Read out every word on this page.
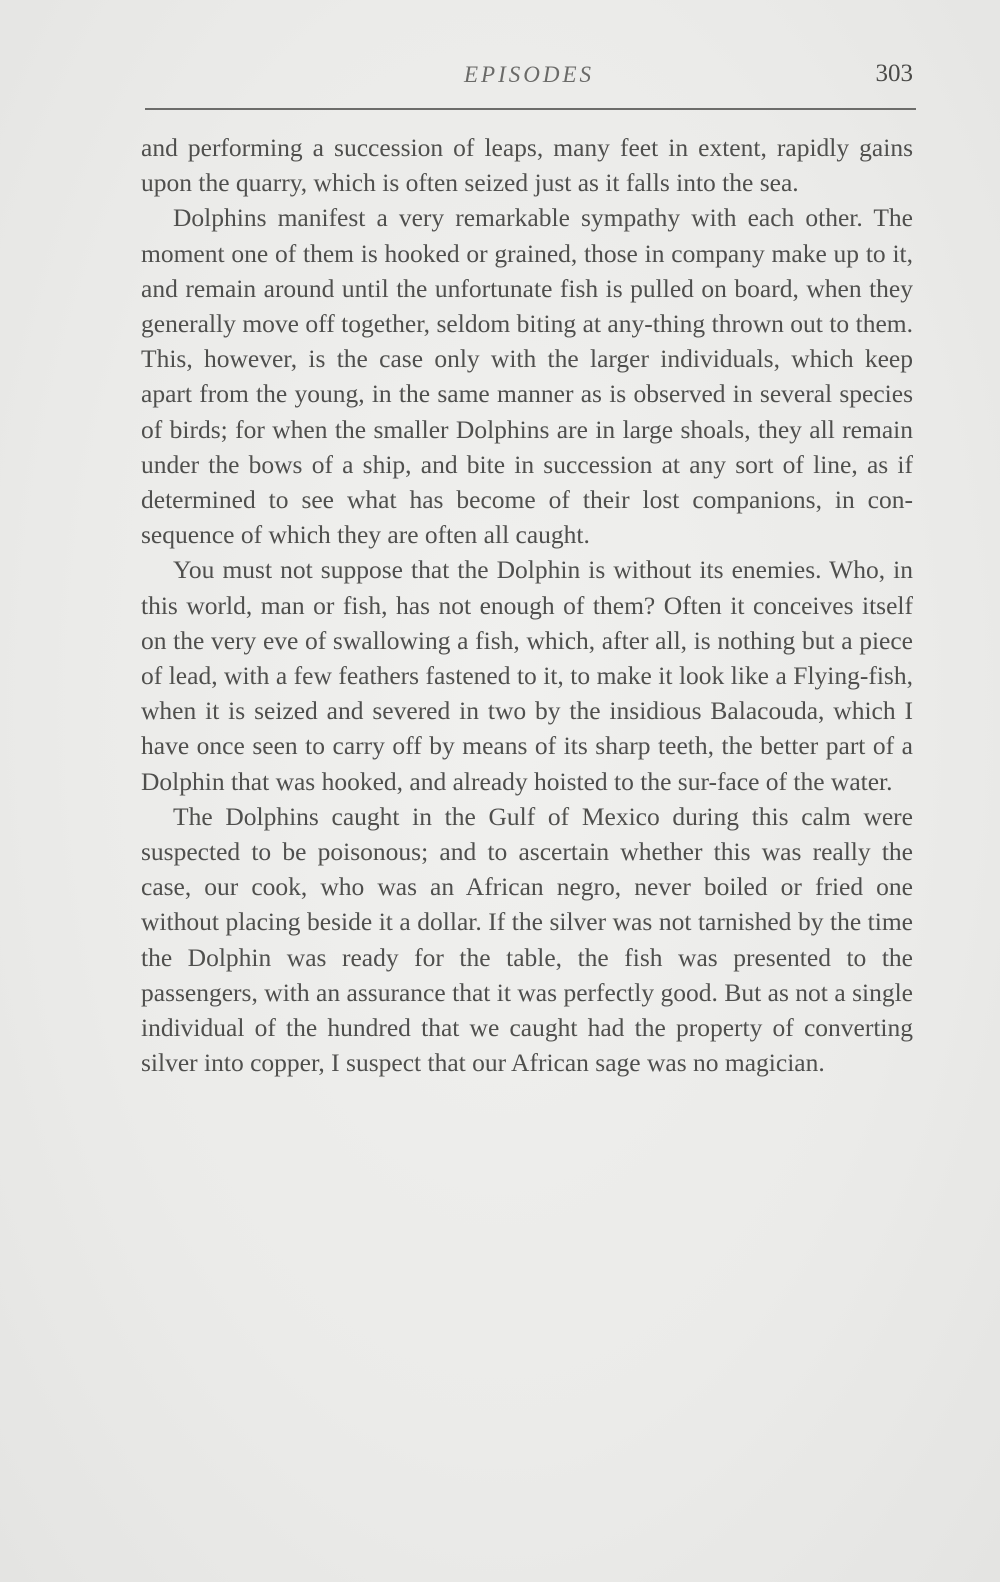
EPISODES	303

and performing a succession of leaps, many feet in extent, rapidly gains upon the quarry, which is often seized just as it falls into the sea.

Dolphins manifest a very remarkable sympathy with each other. The moment one of them is hooked or grained, those in company make up to it, and remain around until the unfortunate fish is pulled on board, when they generally move off together, seldom biting at any-thing thrown out to them. This, however, is the case only with the larger individuals, which keep apart from the young, in the same manner as is observed in several species of birds; for when the smaller Dolphins are in large shoals, they all remain under the bows of a ship, and bite in succession at any sort of line, as if determined to see what has become of their lost companions, in con-sequence of which they are often all caught.

You must not suppose that the Dolphin is without its enemies. Who, in this world, man or fish, has not enough of them? Often it conceives itself on the very eve of swallowing a fish, which, after all, is nothing but a piece of lead, with a few feathers fastened to it, to make it look like a Flying-fish, when it is seized and severed in two by the insidious Balacouda, which I have once seen to carry off by means of its sharp teeth, the better part of a Dolphin that was hooked, and already hoisted to the sur-face of the water.

The Dolphins caught in the Gulf of Mexico during this calm were suspected to be poisonous; and to ascertain whether this was really the case, our cook, who was an African negro, never boiled or fried one without placing beside it a dollar. If the silver was not tarnished by the time the Dolphin was ready for the table, the fish was presented to the passengers, with an assurance that it was perfectly good. But as not a single individual of the hundred that we caught had the property of converting silver into copper, I suspect that our African sage was no magician.
